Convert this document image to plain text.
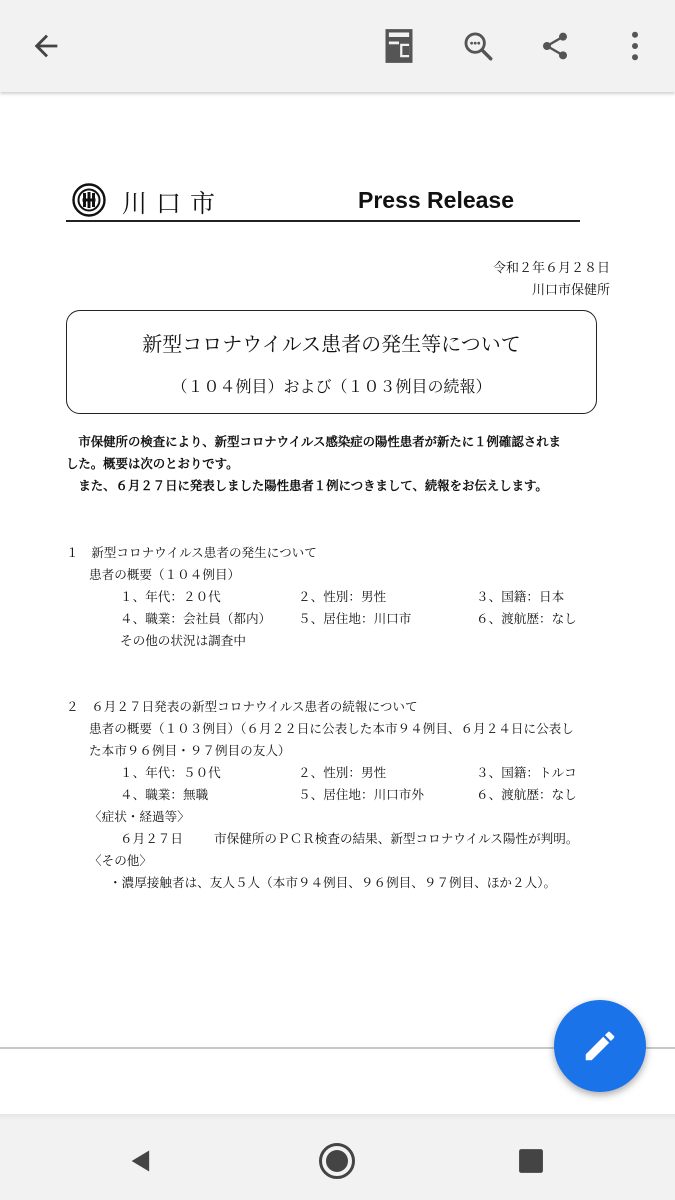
川口市	Press Release
令和２年６月２８日
川口市保健所
新型コロナウイルス患者の発生等について
（１０４例目）および（１０３例目の続報）

　市保健所の検査により、新型コロナウイルス感染症の陽性患者が新たに１例確認されま

した。概要は次のとおりです。

　また、６月２７日に発表しました陽性患者１例につきまして、続報をお伝えします。

１　新型コロナウイルス患者の発生について
患者の概要（１０４例目）
１、年代：２０代	２、性別：男性	３、国籍：日本
４、職業：会社員（都内） ５、居住地：川口市	６、渡航歴：なし
その他の状況は調査中
２　６月２７日発表の新型コロナウイルス患者の続報について
患者の概要（１０３例目）（６月２２日に公表した本市９４例目、６月２４日に公表し
た本市９６例目・９７例目の友人）
１、年代：５０代	２、性別：男性	３、国籍：トルコ
４、職業：無職	５、居住地：川口市外	６、渡航歴：なし
〈症状・経過等〉
６月２７日 市保健所のＰＣＲ検査の結果、新型コロナウイルス陽性が判明。
〈その他〉
・濃厚接触者は、友人５人（本市９４例目、９６例目、９７例目、ほか２人）。
